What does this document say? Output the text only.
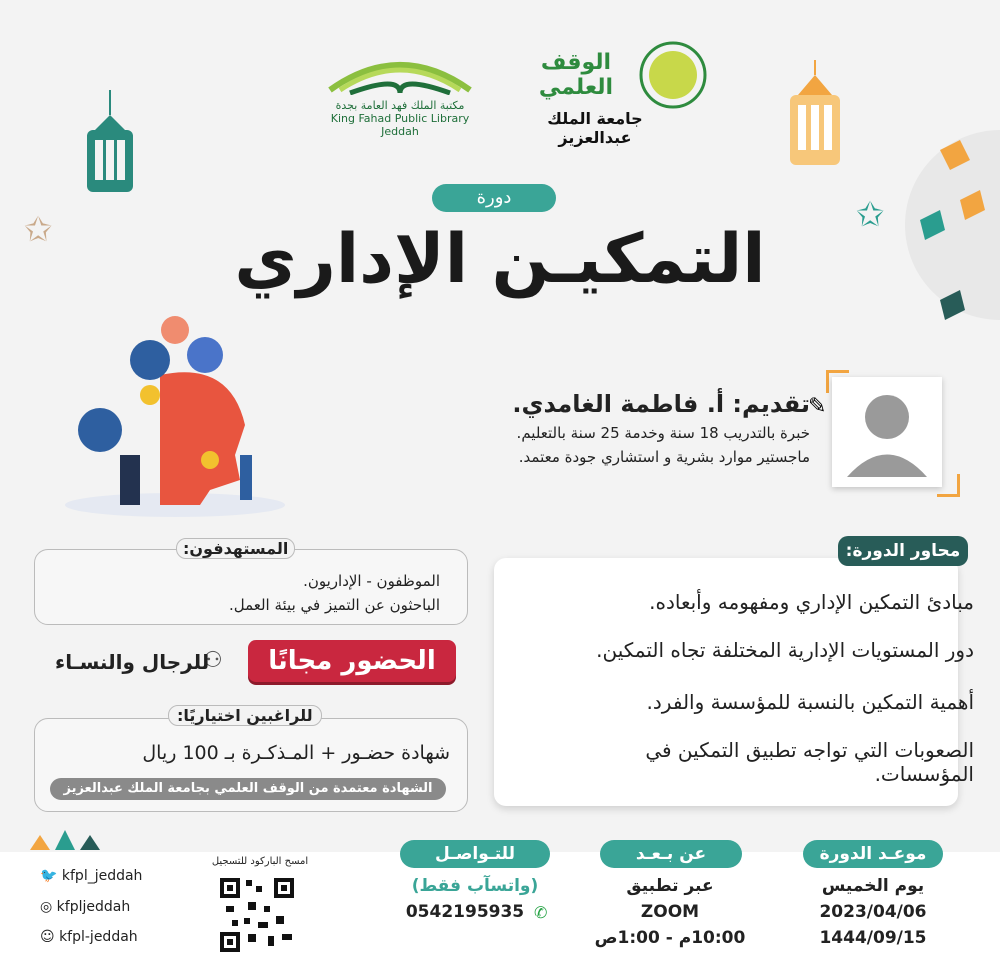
✩	✩
مكتبة الملك فهد العامة بجدة
King Fahad Public Library Jeddah
الوقف العلمي
جامعة الملك عبدالعزيز
دورة
التمكيـن الإداري
تقديم: أ. فاطمة الغامدي.
خبرة بالتدريب 18 سنة وخدمة 25 سنة بالتعليم.
ماجستير موارد بشرية و استشاري جودة معتمد.
✎
المستهدفون:
الموظفون - الإداريون.
الباحثون عن التميز في بيئة العمل.
الحضور مجانًا
⚇
للرجال والنسـاء
للراغبين اختياريًا:
شهادة حضـور + المـذكـرة بـ 100 ريال
الشهادة معتمدة من الوقف العلمي بجامعة الملك عبدالعزيز
محاور الدورة:
مبادئ التمكين الإداري ومفهومه وأبعاده.
دور المستويات الإدارية المختلفة تجاه التمكين.
أهمية التمكين بالنسبة للمؤسسة والفرد.
الصعوبات التي تواجه تطبيق التمكين في المؤسسات.
موعـد الدورة
يوم الخميس
2023/04/06
1444/09/15
عن بـعـد
عبر تطبيق
ZOOM
10:00م - 1:00ص
للتـواصـل
(واتسآب فقط)
0542195935 ✆
امسح الباركود للتسجيل
🐦 kfpl_jeddah
◎ kfpljeddah
☺ kfpl-jeddah
